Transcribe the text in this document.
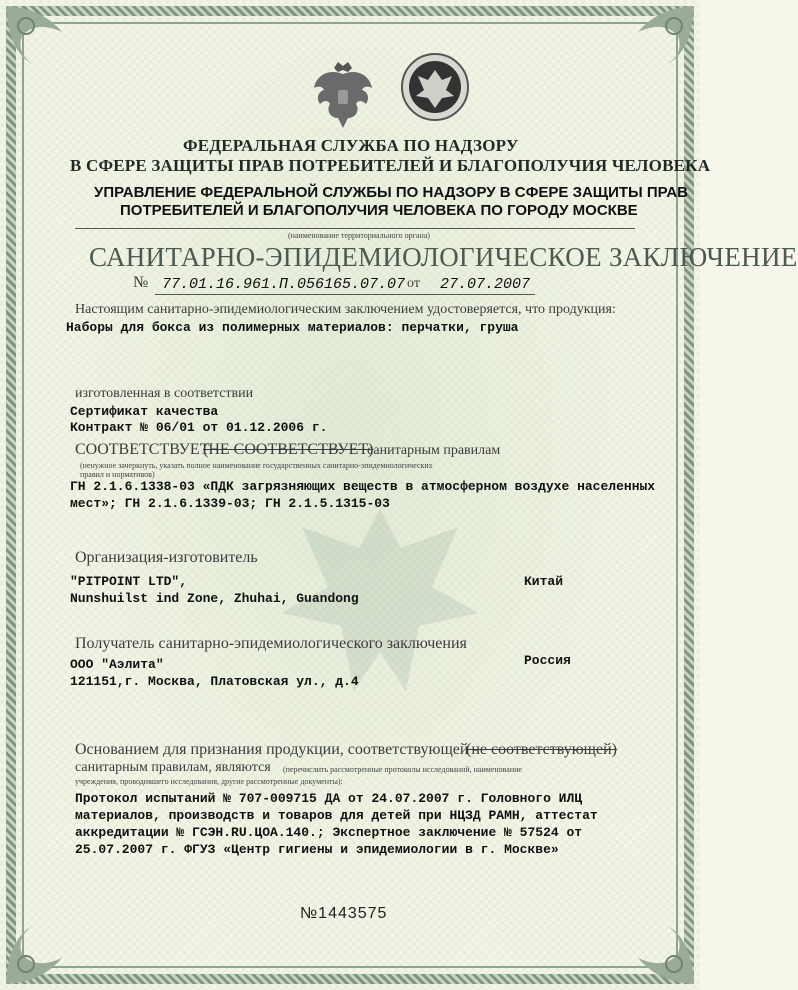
ФЕДЕРАЛЬНАЯ СЛУЖБА ПО НАДЗОРУ
В СФЕРЕ ЗАЩИТЫ ПРАВ ПОТРЕБИТЕЛЕЙ И БЛАГОПОЛУЧИЯ ЧЕЛОВЕКА
УПРАВЛЕНИЕ ФЕДЕРАЛЬНОЙ СЛУЖБЫ ПО НАДЗОРУ В СФЕРЕ ЗАЩИТЫ ПРАВ
ПОТРЕБИТЕЛЕЙ И БЛАГОПОЛУЧИЯ ЧЕЛОВЕКА ПО ГОРОДУ МОСКВЕ
(наименование территориального органа)
САНИТАРНО-ЭПИДЕМИОЛОГИЧЕСКОЕ ЗАКЛЮЧЕНИЕ
№ 77.01.16.961.П.056165.07.07 от 27.07.2007
Настоящим санитарно-эпидемиологическим заключением удостоверяется, что продукция:
Наборы для бокса из полимерных материалов: перчатки, груша
изготовленная в соответствии
Сертификат качества
Контракт № 06/01 от 01.12.2006 г.
СООТВЕТСТВУЕТ
(НЕ СООТВЕТСТВУЕТ)
санитарным правилам
(ненужное зачеркнуть, указать полное наименование государственных санитарно-эпидемиологических
правил и нормативов)
ГН 2.1.6.1338-03 «ПДК загрязняющих веществ в атмосферном воздухе населенных
мест»; ГН 2.1.6.1339-03; ГН 2.1.5.1315-03
Организация-изготовитель
"PITPOINT LTD",	Китай
Nunshuilst ind Zone, Zhuhai, Guandong
Получатель санитарно-эпидемиологического заключения
ООО "Аэлита"	Россия
121151,г. Москва, Платовская ул., д.4
Основанием для признания продукции, соответствующей
(не соответствующей)
санитарным правилам, являются (перечислить рассмотренные протоколы исследований, наименование
учреждения, проводившего исследования, другие рассмотренные документы):
Протокол испытаний № 707-009715 ДА от 24.07.2007 г. Головного ИЛЦ
материалов, производств и товаров для детей при НЦЗД РАМН, аттестат
аккредитации № ГСЭН.RU.ЦОА.140.; Экспертное заключение № 57524 от
25.07.2007 г. ФГУЗ «Центр гигиены и эпидемиологии в г. Москве»
№1443575
